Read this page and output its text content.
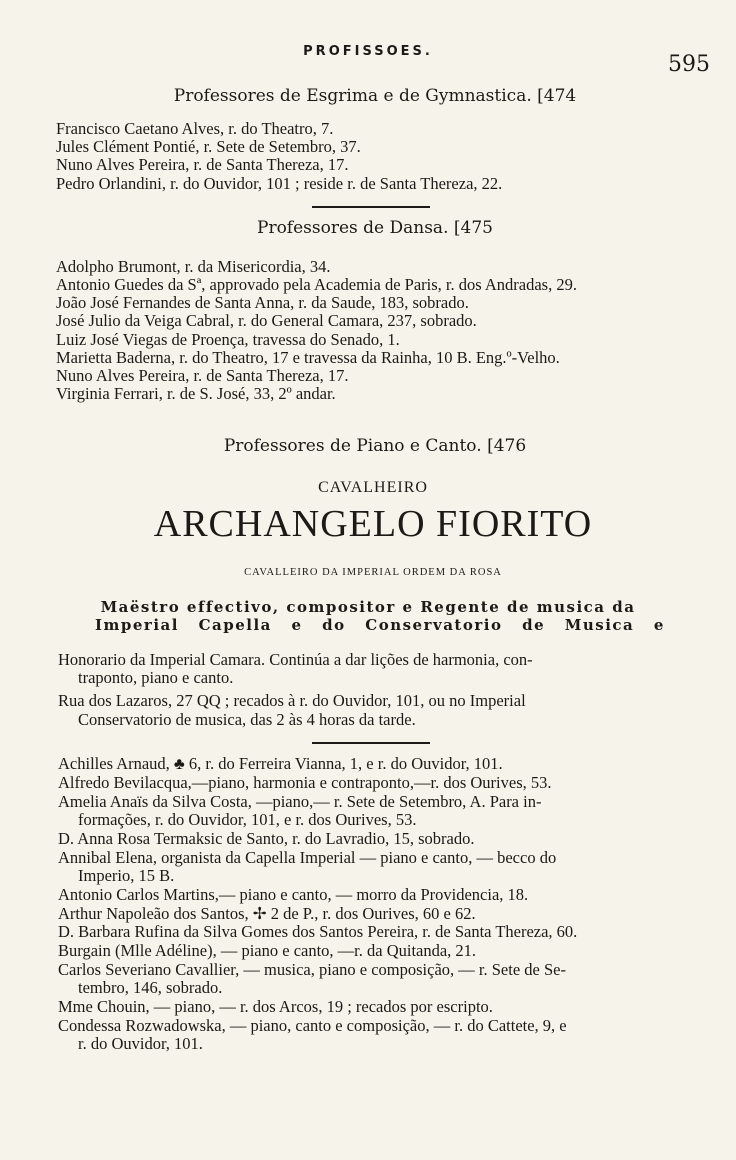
PROFISSOES.
595
Professores de Esgrima e de Gymnastica. [474
Francisco Caetano Alves, r. do Theatro, 7.
Jules Clément Pontié, r. Sete de Setembro, 37.
Nuno Alves Pereira, r. de Santa Thereza, 17.
Pedro Orlandini, r. do Ouvidor, 101 ; reside r. de Santa Thereza, 22.
Professores de Dansa. [475
Adolpho Brumont, r. da Misericordia, 34.
Antonio Guedes da Sª, approvado pela Academia de Paris, r. dos Andradas, 29.
João José Fernandes de Santa Anna, r. da Saude, 183, sobrado.
José Julio da Veiga Cabral, r. do General Camara, 237, sobrado.
Luiz José Viegas de Proença, travessa do Senado, 1.
Marietta Baderna, r. do Theatro, 17 e travessa da Rainha, 10 B. Eng.º-Velho.
Nuno Alves Pereira, r. de Santa Thereza, 17.
Virginia Ferrari, r. de S. José, 33, 2º andar.
Professores de Piano e Canto. [476
CAVALHEIRO
ARCHANGELO FIORITO
CAVALLEIRO DA IMPERIAL ORDEM DA ROSA
Maëstro effectivo, compositor e Regente de musica da
Imperial Capella e do Conservatorio de Musica e
Honorario da Imperial Camara. Continúa a dar lições de harmonia, con-
traponto, piano e canto.
Rua dos Lazaros, 27 QQ ; recados à r. do Ouvidor, 101, ou no Imperial
Conservatorio de musica, das 2 às 4 horas da tarde.
Achilles Arnaud, ♣ 6, r. do Ferreira Vianna, 1, e r. do Ouvidor, 101.
Alfredo Bevilacqua,—piano, harmonia e contraponto,—r. dos Ourives, 53.
Amelia Anaïs da Silva Costa, —piano,— r. Sete de Setembro, A. Para in-
formações, r. do Ouvidor, 101, e r. dos Ourives, 53.
D. Anna Rosa Termaksic de Santo, r. do Lavradio, 15, sobrado.
Annibal Elena, organista da Capella Imperial — piano e canto, — becco do
Imperio, 15 B.
Antonio Carlos Martins,— piano e canto, — morro da Providencia, 18.
Arthur Napoleão dos Santos, ✢ 2 de P., r. dos Ourives, 60 e 62.
D. Barbara Rufina da Silva Gomes dos Santos Pereira, r. de Santa Thereza, 60.
Burgain (Mlle Adéline), — piano e canto, —r. da Quitanda, 21.
Carlos Severiano Cavallier, — musica, piano e composição, — r. Sete de Se-
tembro, 146, sobrado.
Mme Chouin, — piano, — r. dos Arcos, 19 ; recados por escripto.
Condessa Rozwadowska, — piano, canto e composição, — r. do Cattete, 9, e
r. do Ouvidor, 101.
